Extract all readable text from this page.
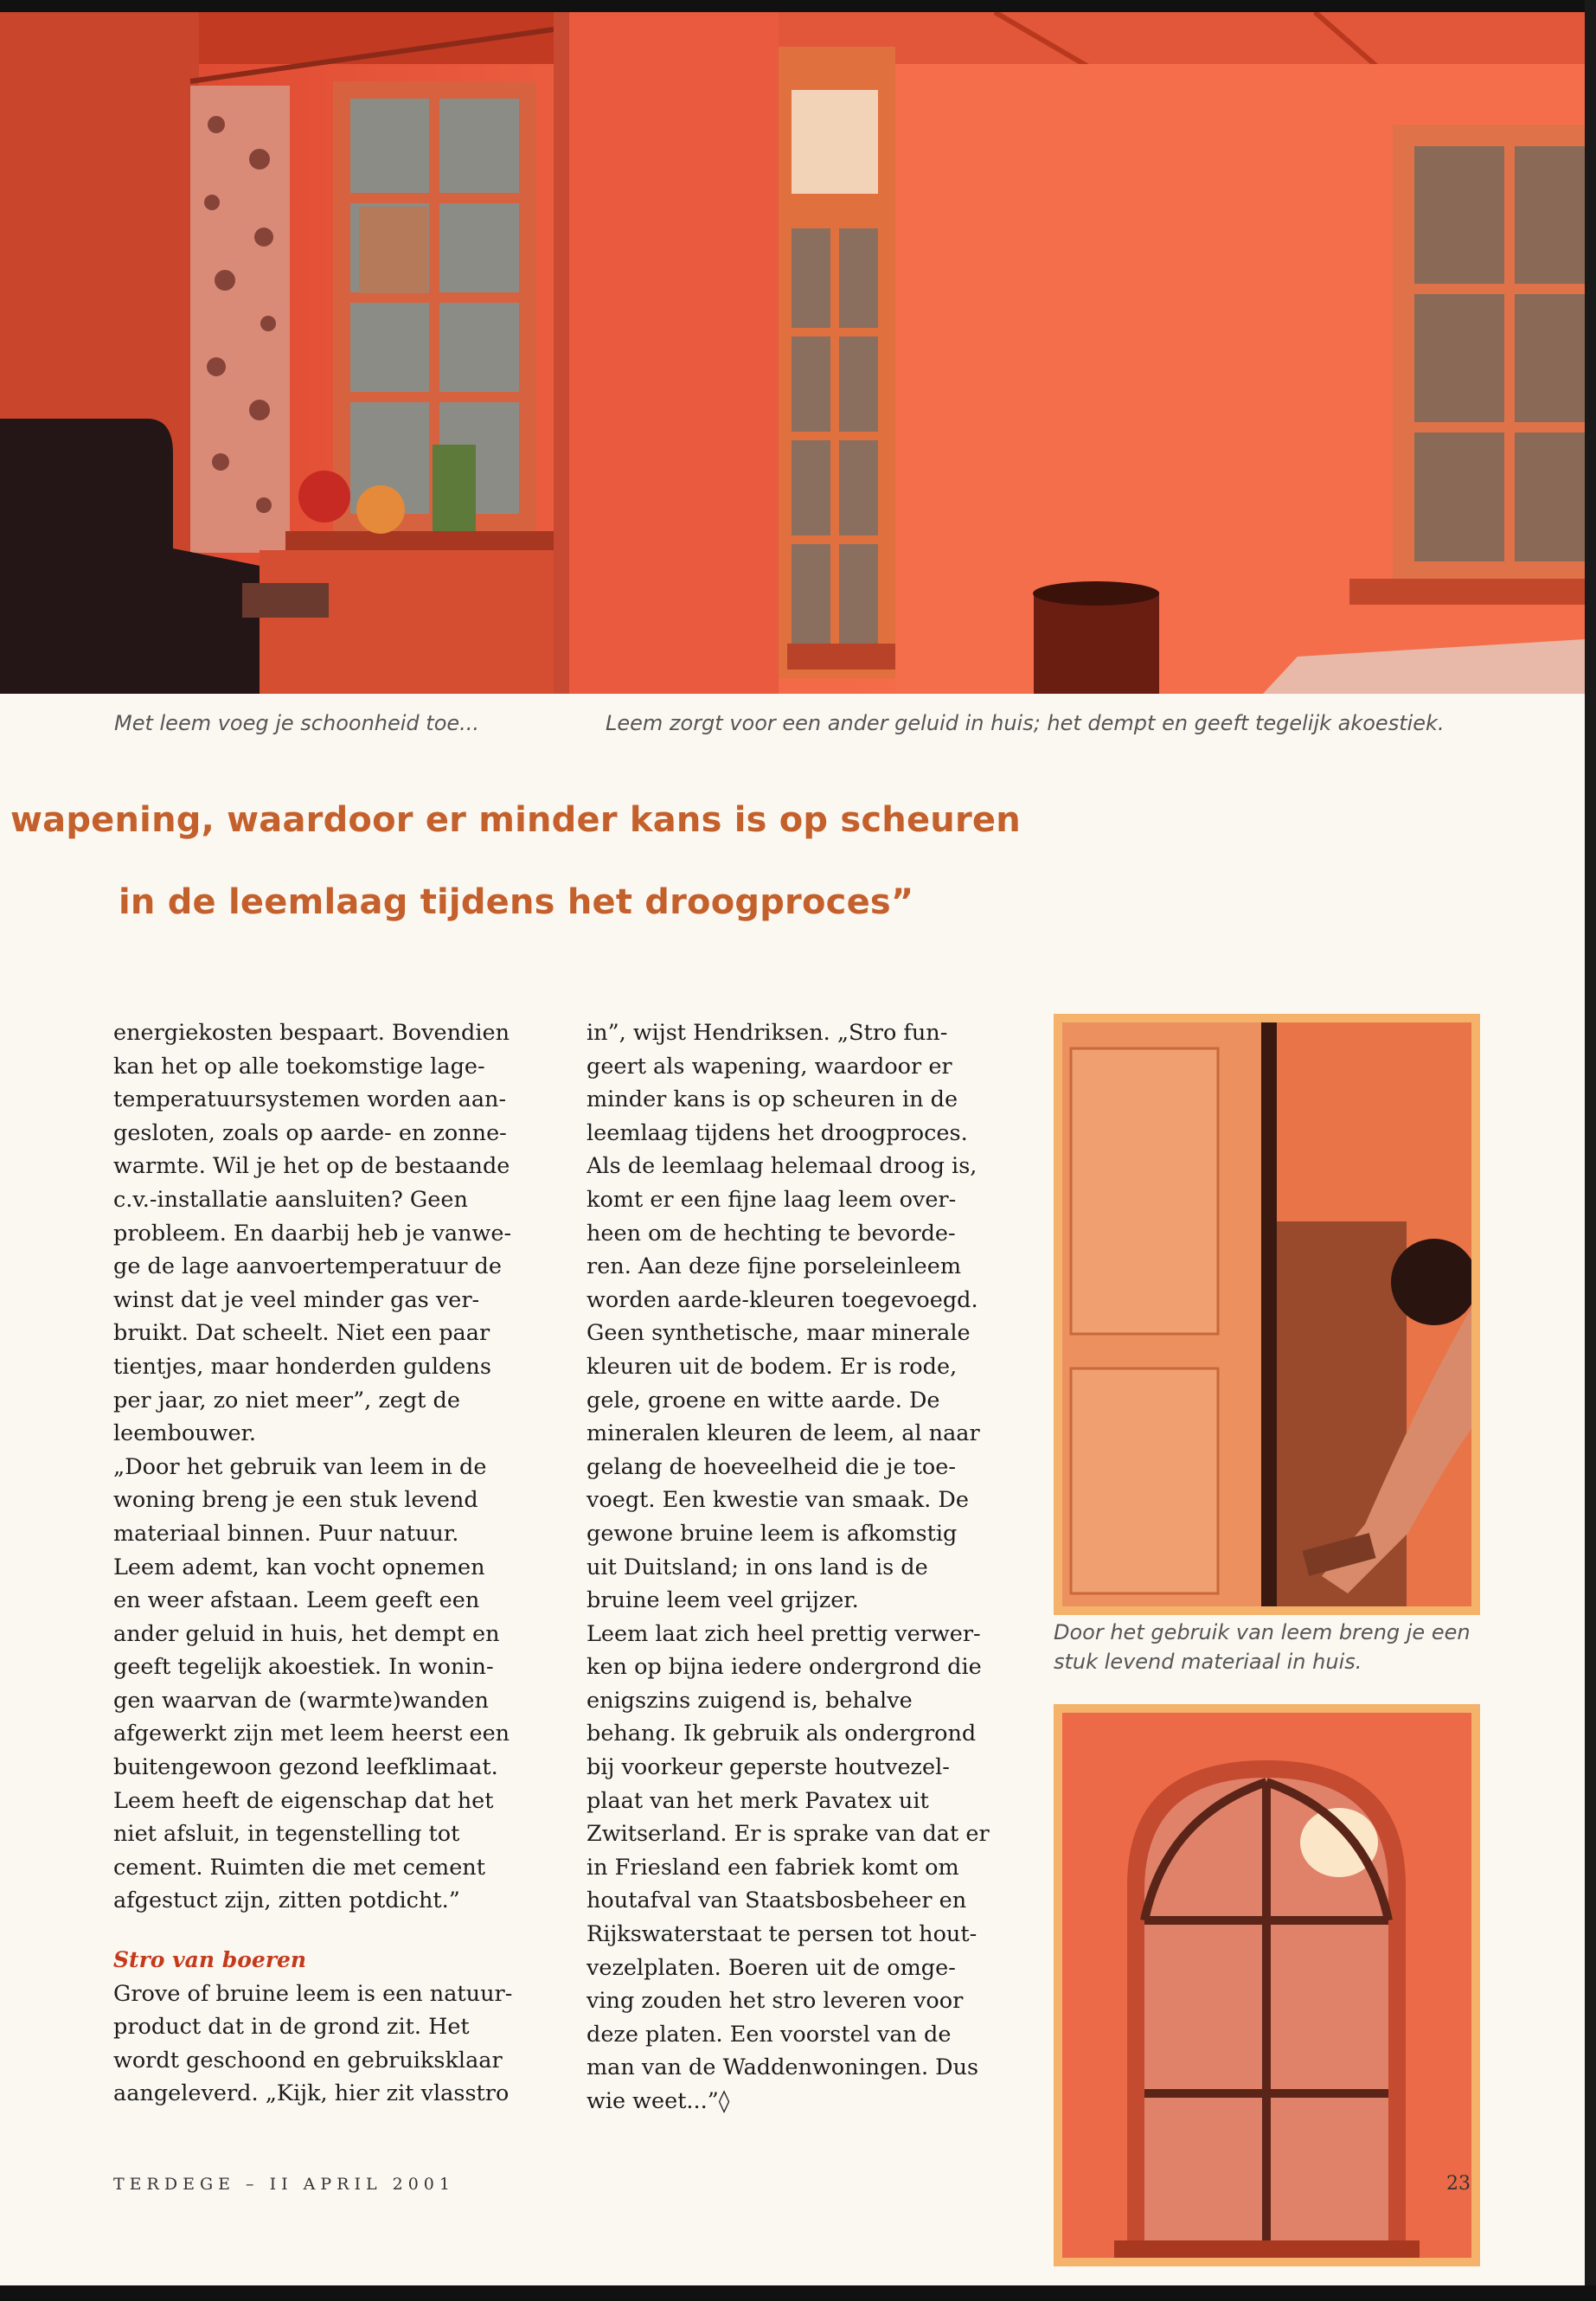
Met leem voeg je schoonheid toe...	Leem zorgt voor een ander geluid in huis; het dempt en geeft tegelijk akoestiek.
wapening, waardoor er minder kans is op scheuren
in de leemlaag tijdens het droogproces”

energiekosten bespaart. Bovendien

kan het op alle toekomstige lage-

temperatuursystemen worden aan-

gesloten, zoals op aarde- en zonne-

warmte. Wil je het op de bestaande

c.v.-installatie aansluiten? Geen

probleem. En daarbij heb je vanwe-

ge de lage aanvoertemperatuur de

winst dat je veel minder gas ver-

bruikt. Dat scheelt. Niet een paar

tientjes, maar honderden guldens

per jaar, zo niet meer”, zegt de

leembouwer.

„Door het gebruik van leem in de

woning breng je een stuk levend

materiaal binnen. Puur natuur.

Leem ademt, kan vocht opnemen

en weer afstaan. Leem geeft een

ander geluid in huis, het dempt en

geeft tegelijk akoestiek. In wonin-

gen waarvan de (warmte)wanden

afgewerkt zijn met leem heerst een

buitengewoon gezond leefklimaat.

Leem heeft de eigenschap dat het

niet afsluit, in tegenstelling tot

cement. Ruimten die met cement

afgestuct zijn, zitten potdicht.”

Stro van boeren

Grove of bruine leem is een natuur-

product dat in de grond zit. Het

wordt geschoond en gebruiksklaar

aangeleverd. „Kijk, hier zit vlasstro

in”, wijst Hendriksen. „Stro fun-

geert als wapening, waardoor er

minder kans is op scheuren in de

leemlaag tijdens het droogproces.

Als de leemlaag helemaal droog is,

komt er een fijne laag leem over-

heen om de hechting te bevorde-

ren. Aan deze fijne porseleinleem

worden aarde-kleuren toegevoegd.

Geen synthetische, maar minerale

kleuren uit de bodem. Er is rode,

gele, groene en witte aarde. De

mineralen kleuren de leem, al naar

gelang de hoeveelheid die je toe-

voegt. Een kwestie van smaak. De

gewone bruine leem is afkomstig

uit Duitsland; in ons land is de

bruine leem veel grijzer.

Leem laat zich heel prettig verwer-

ken op bijna iedere ondergrond die

enigszins zuigend is, behalve

behang. Ik gebruik als ondergrond

bij voorkeur geperste houtvezel-

plaat van het merk Pavatex uit

Zwitserland. Er is sprake van dat er

in Friesland een fabriek komt om

houtafval van Staatsbosbeheer en

Rijkswaterstaat te persen tot hout-

vezelplaten. Boeren uit de omge-

ving zouden het stro leveren voor

deze platen. Een voorstel van de

man van de Waddenwoningen. Dus

wie weet...”◊

Door het gebruik van leem breng je een stuk levend materiaal in huis.
TERDEGE – II APRIL 2001	23
